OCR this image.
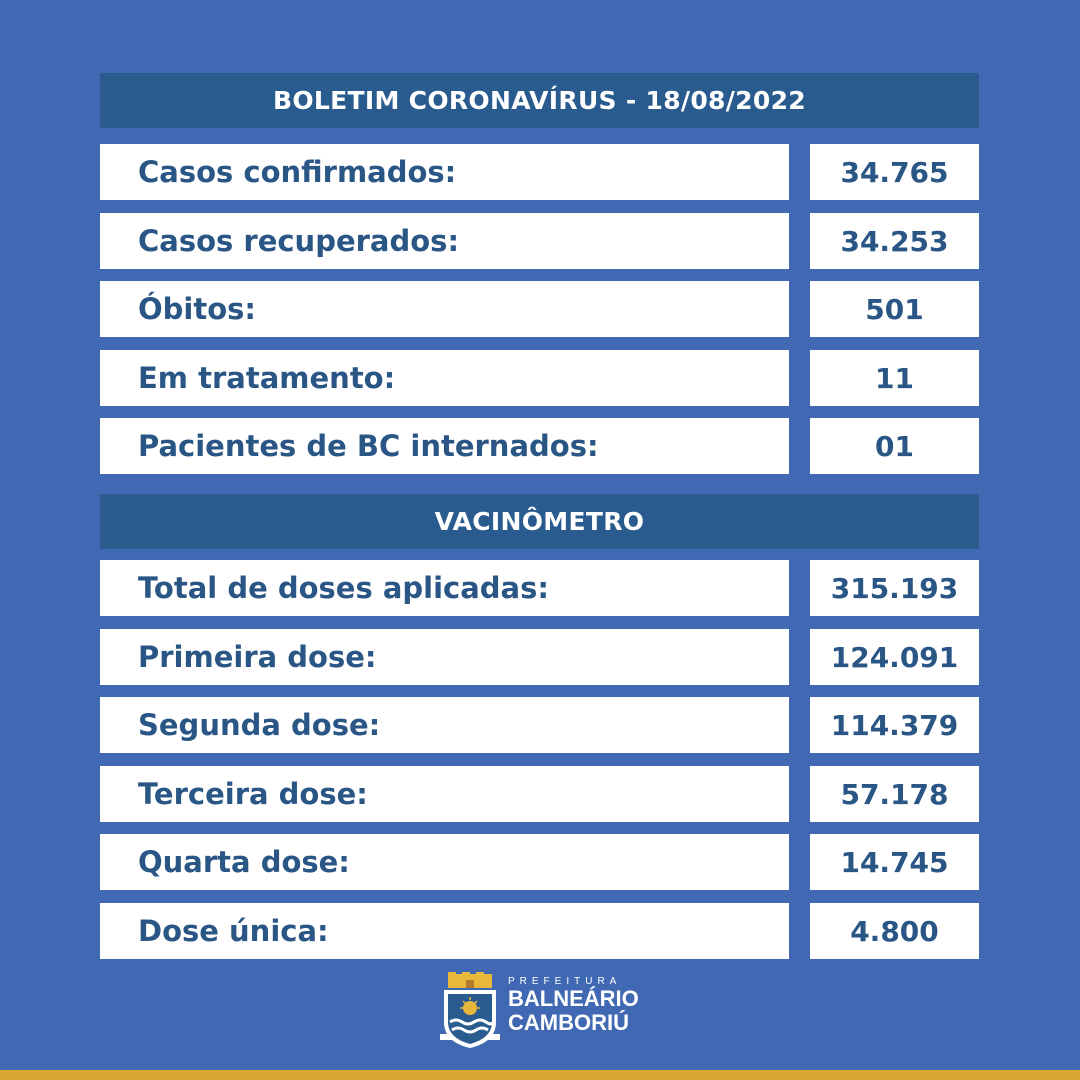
BOLETIM CORONAVÍRUS - 18/08/2022
Casos confirmados:	34.765
Casos recuperados:	34.253
Óbitos:	501
Em tratamento:	11
Pacientes de BC internados:	01
VACINÔMETRO
Total de doses aplicadas:	315.193
Primeira dose:	124.091
Segunda dose:	114.379
Terceira dose:	57.178
Quarta dose:	14.745
Dose única:	4.800
PREFEITURA
BALNEÁRIO
CAMBORIÚ
